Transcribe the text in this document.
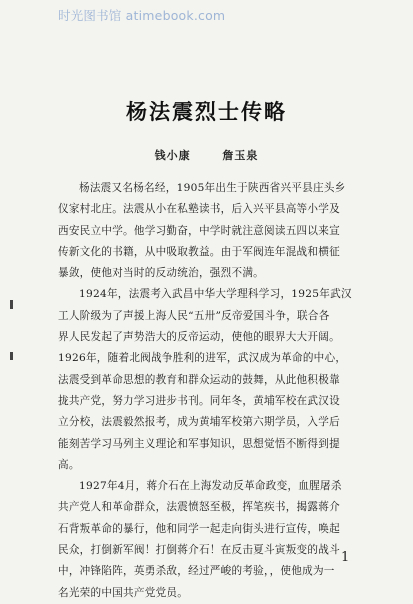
时光图书馆 atimebook.com
杨法震烈士传略
钱小康	詹玉泉
杨法震又名杨名经，1905年出生于陕西省兴平县庄头乡
仪家村北庄。法震从小在私塾读书，后入兴平县高等小学及
西安民立中学。他学习勤奋，中学时就注意阅读五四以来宣
传新文化的书籍，从中吸取教益。由于军阀连年混战和横征
暴敛，使他对当时的反动统治，强烈不满。
1924年，法震考入武昌中华大学理科学习，1925年武汉
工人阶级为了声援上海人民“五卅”反帝爱国斗争，联合各
界人民发起了声势浩大的反帝运动，使他的眼界大大开阔。
1926年，随着北阀战争胜利的进军，武汉成为革命的中心，
法震受到革命思想的教育和群众运动的鼓舞，从此他积极靠
拢共产党，努力学习进步书刊。同年冬，黄埔军校在武汉设
立分校，法震毅然报考，成为黄埔军校第六期学员，入学后
能刻苦学习马列主义理论和军事知识，思想觉悟不断得到提
高。
1927年4月，蒋介石在上海发动反革命政变，血腥屠杀
共产党人和革命群众，法震愤怒至极，挥笔疾书，揭露蒋介
石背叛革命的暴行，他和同学一起走向街头进行宣传，唤起
民众，打倒新军阀！打倒蒋介石！在反击夏斗寅叛变的战斗
中，冲锋陷阵，英勇杀敌，经过严峻的考验，，使他成为一
名光荣的中国共产党党员。
1
